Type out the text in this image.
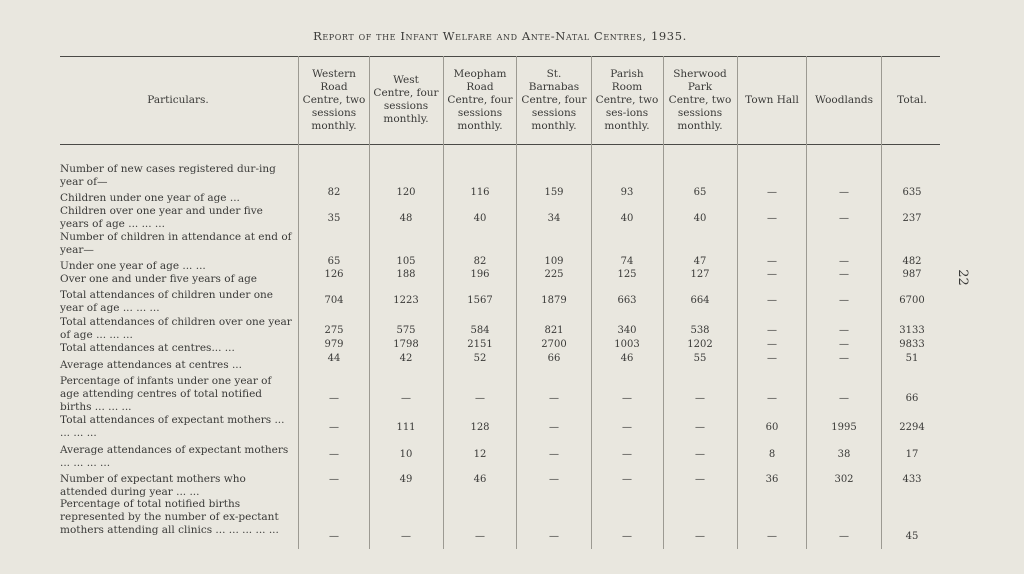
Report of the Infant Welfare and Ante-Natal Centres, 1935.
Particulars.
Western Road Centre, two sessions monthly.
West Centre, four sessions monthly.
Meopham Road Centre, four sessions monthly.
St. Barnabas Centre, four sessions monthly.
Parish Room Centre, two ses-ions monthly.
Sherwood Park Centre, two sessions monthly.
Town Hall	Woodlands	Total.
Number of new cases registered dur-ing year of—
Children under one year of age ...	82	120	116	159	93	65	—	—	635
Children over one year and under five years of age ... ... ...	35	48	40	34	40	40	—	—	237
Number of children in attendance at end of year—
Under one year of age ... ...	65	105	82	109	74	47	—	—	482
Over one and under five years of age	126	188	196	225	125	127	—	—	987
Total attendances of children under one year of age ... ... ...
704	1223	1567	1879	663	664	—	—	6700
Total attendances of children over one year of age ... ... ...	275	575	584	821	340	538	—	—	3133
Total attendances at centres... ...	979	1798	2151	2700	1003	1202	—	—	9833
Average attendances at centres ...
44	42	52	66	46	55	—	—	51
Percentage of infants under one year of age attending centres of total notified births ... ... ...
—	—	—	—	—	—	—	—	66
Total attendances of expectant mothers ... ... ... ...	—	111	128	—	—	—	60	1995	2294
Average attendances of expectant mothers ... ... ... ...
—	10	12	—	—	—	8	38	17
Number of expectant mothers who attended during year ... ...
—	49	46	—	—	—	36	302	433
Percentage of total notified births represented by the number of ex-pectant mothers attending all clinics ... ... ... ... ...
—	—	—	—	—	—	—	—	45
22
